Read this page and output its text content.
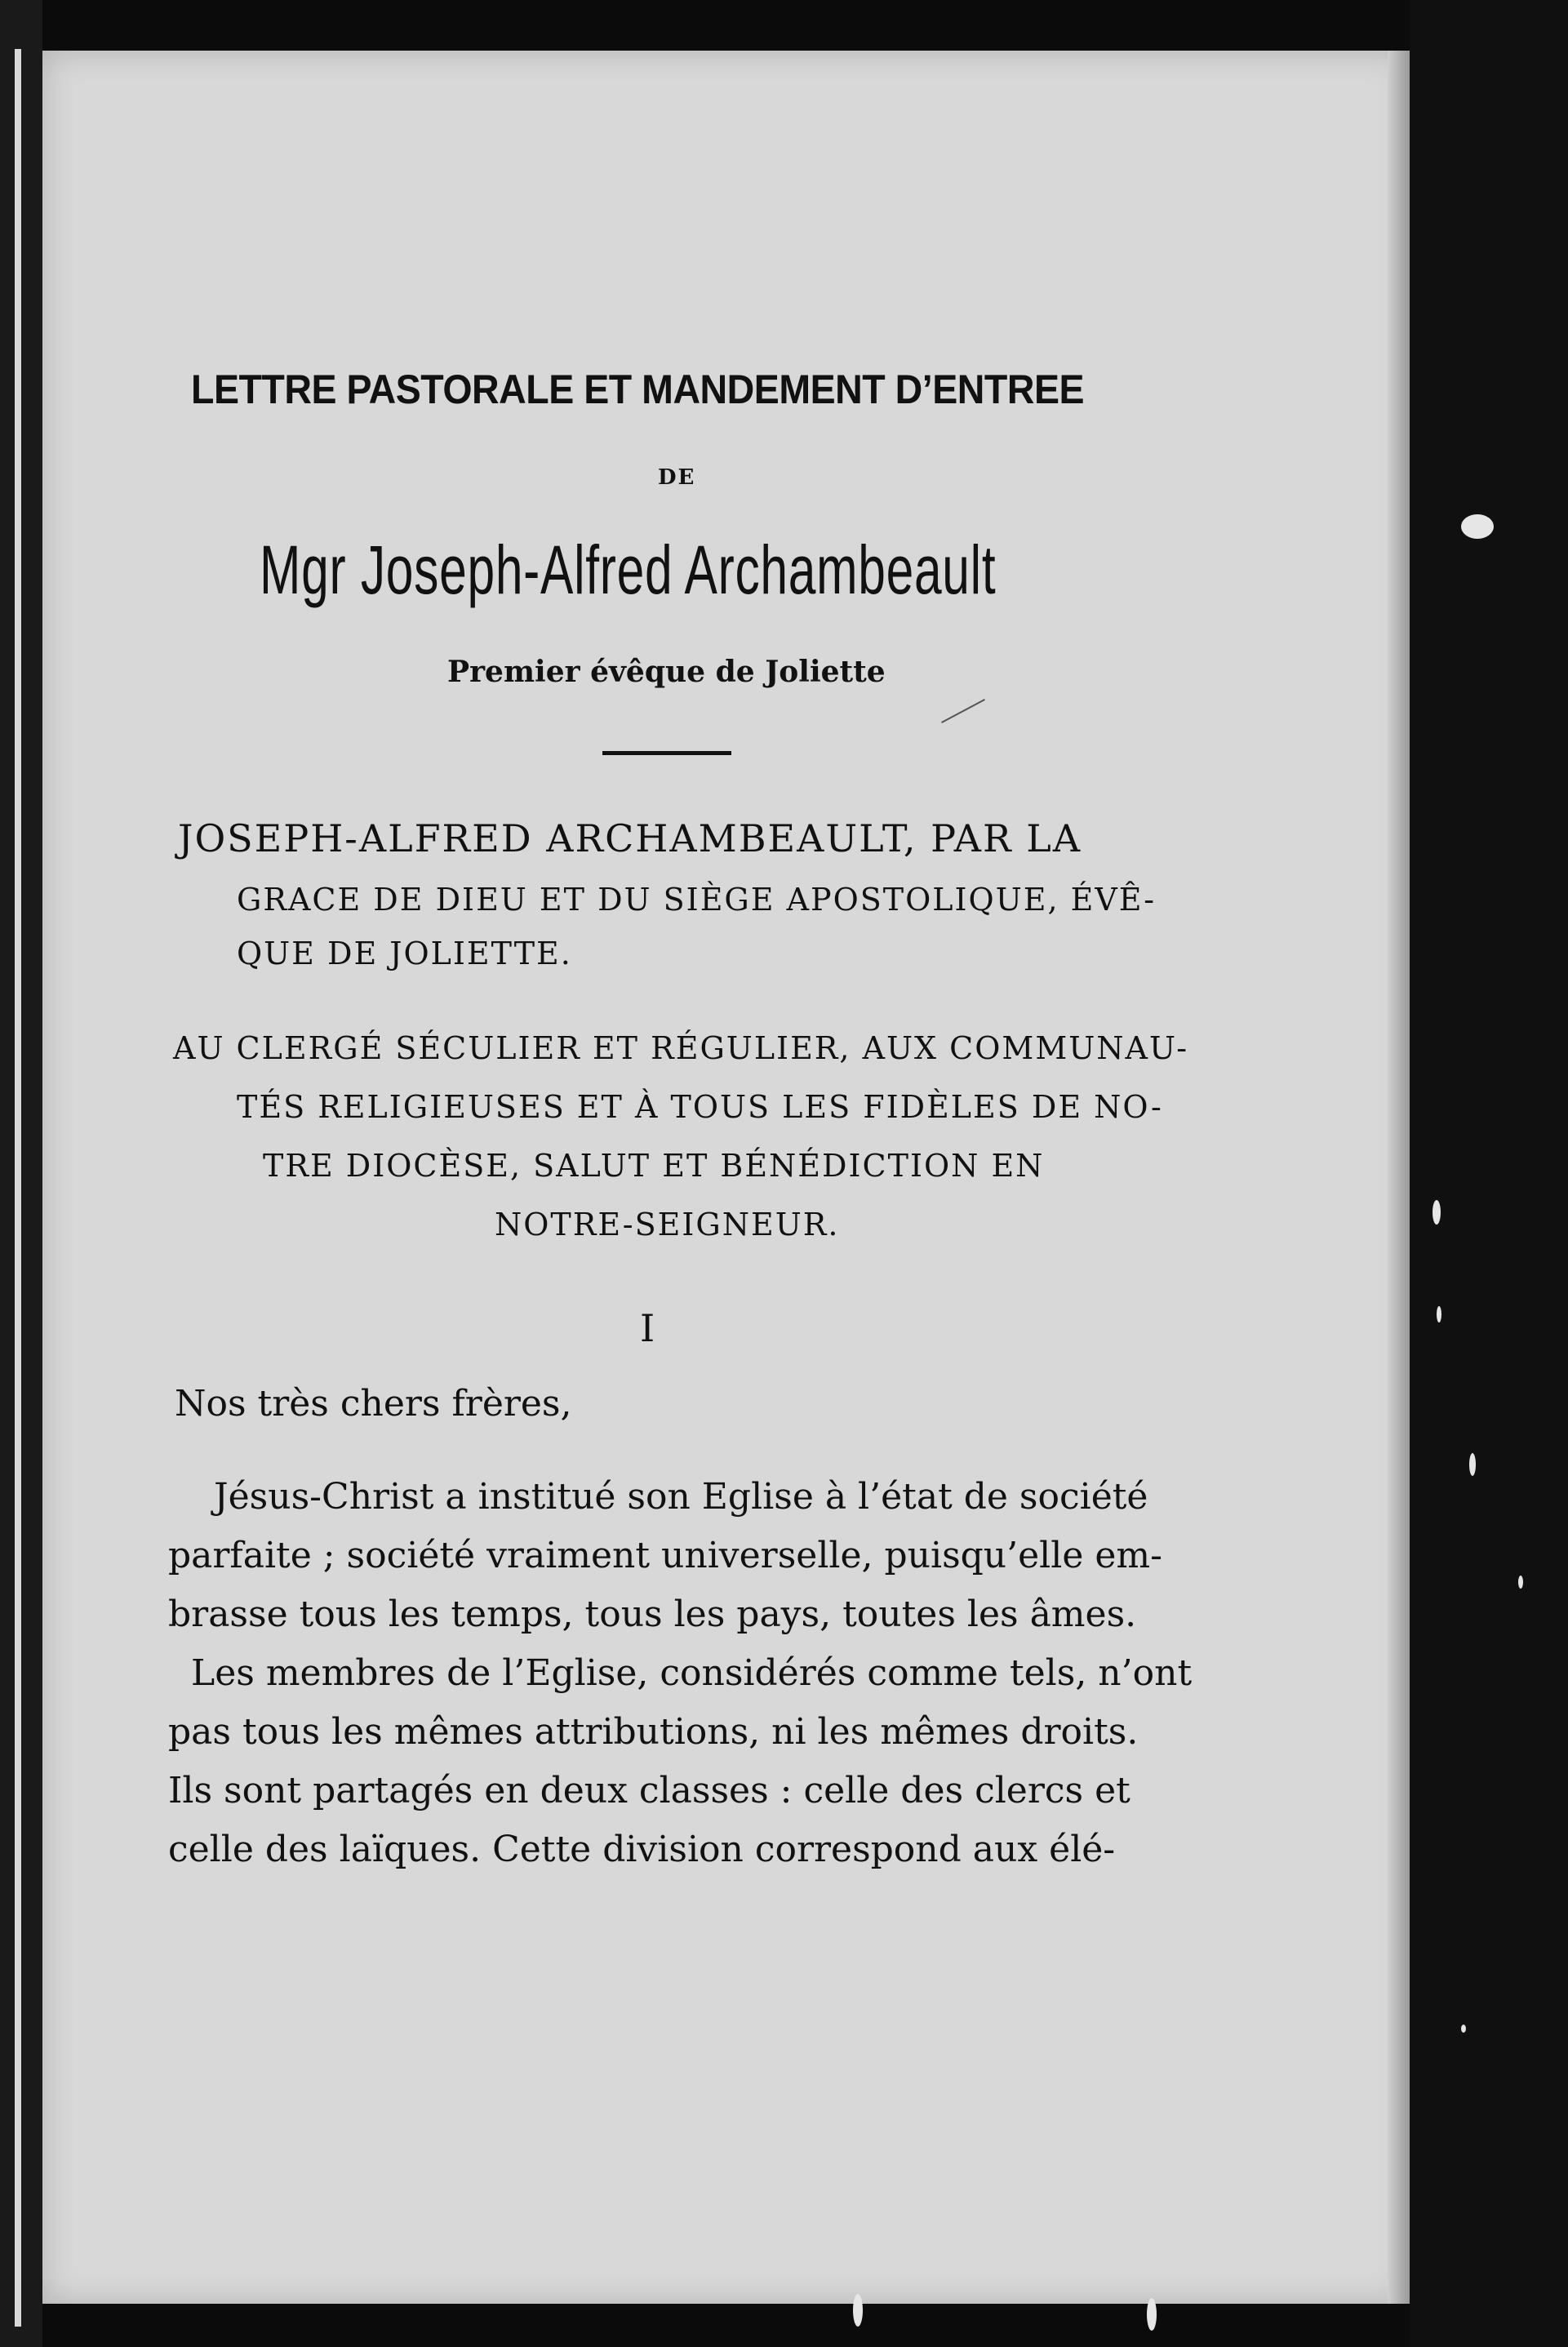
LETTRE PASTORALE ET MANDEMENT D’ENTREE
DE
Mgr Joseph-Alfred Archambeault
Premier évêque de Joliette
JOSEPH-ALFRED ARCHAMBEAULT, PAR LA
GRACE DE DIEU ET DU SIÈGE APOSTOLIQUE, ÉVÊ-
QUE DE JOLIETTE.
AU CLERGÉ SÉCULIER ET RÉGULIER, AUX COMMUNAU-
TÉS RELIGIEUSES ET À TOUS LES FIDÈLES DE NO-
TRE DIOCÈSE, SALUT ET BÉNÉDICTION EN
NOTRE-SEIGNEUR.
I
Nos très chers frères,
Jésus-Christ a institué son Eglise à l’état de société
parfaite ; société vraiment universelle, puisqu’elle em-
brasse tous les temps, tous les pays, toutes les âmes.
Les membres de l’Eglise, considérés comme tels, n’ont
pas tous les mêmes attributions, ni les mêmes droits.
Ils sont partagés en deux classes : celle des clercs et
celle des laïques. Cette division correspond aux élé-
